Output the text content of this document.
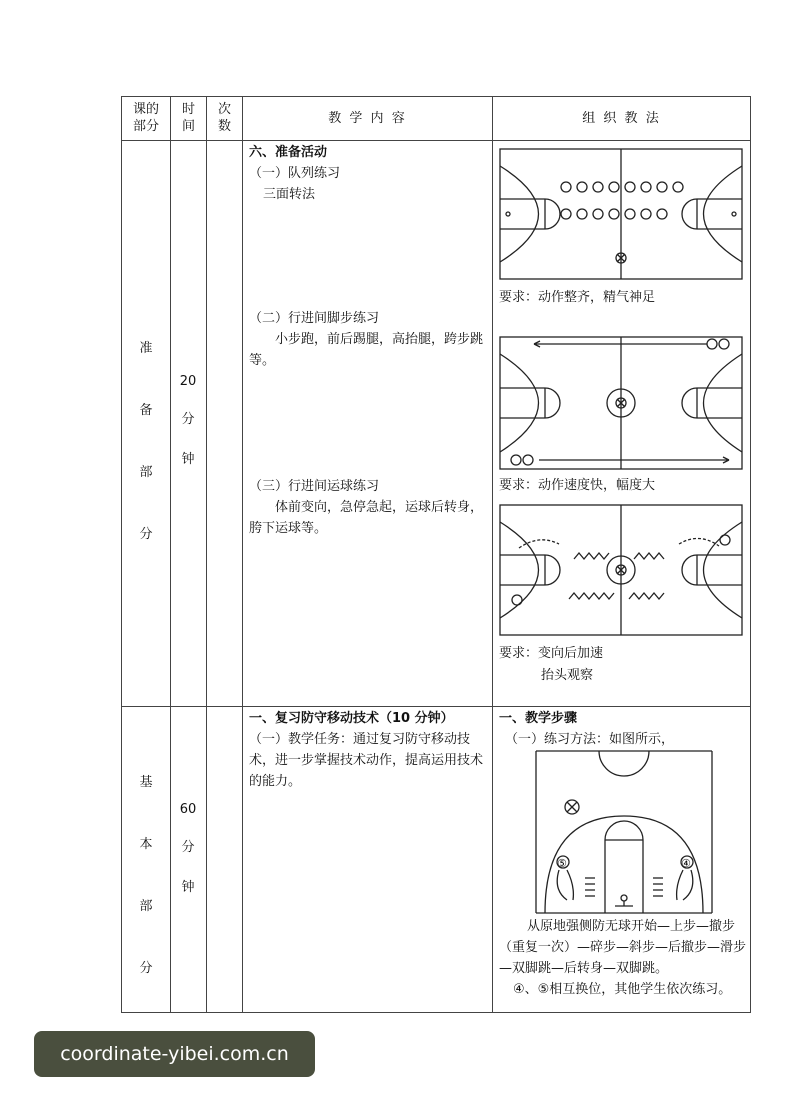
课的部分

时间

次数

教 学 内 容	组 织 教 法

准备部分

20

分钟

六、准备活动

（一）队列练习

三面转法

（二）行进间脚步练习

小步跑，前后踢腿，高抬腿，跨步跳等。

（三）行进间运球练习

体前变向，急停急起，运球后转身，胯下运球等。

要求：动作整齐，精气神足
要求：动作速度快，幅度大

要求：变向后加速

抬头观察

基本部分

60

分钟

一、复习防守移动技术（10 分钟）

（一）教学任务：通过复习防守移动技术，进一步掌握技术动作，提高运用技术的能力。

一、教学步骤

（一）练习方法：如图所示，

⑤	④

从原地强侧防无球开始—上步—撤步（重复一次）—碎步—斜步—后撤步—滑步—双脚跳—后转身—双脚跳。

④、⑤相互换位，其他学生依次练习。

coordinate-yibei.com.cn
